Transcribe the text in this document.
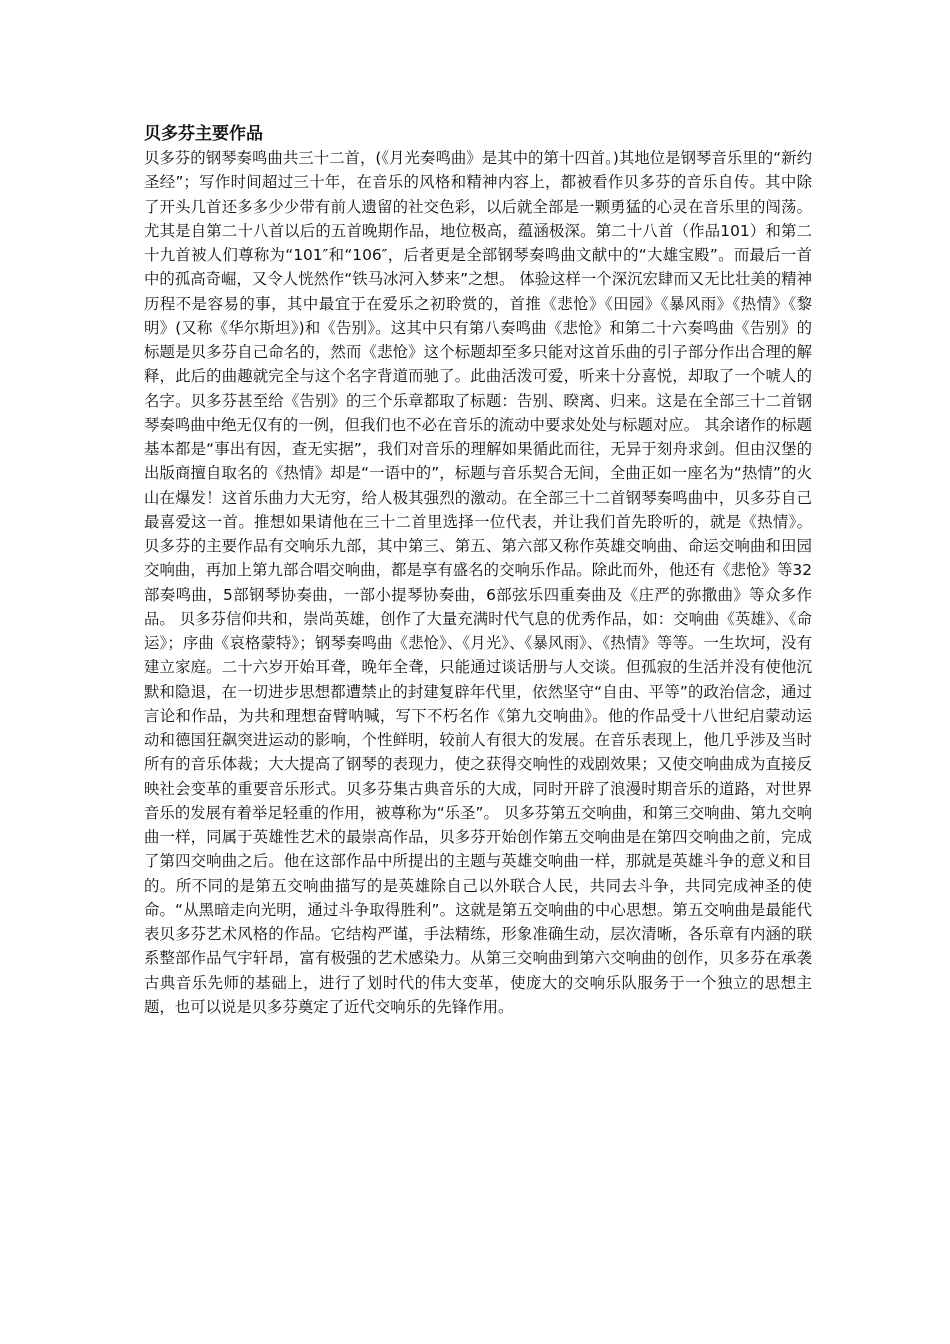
贝多芬主要作品

贝多芬的钢琴奏鸣曲共三十二首，(《月光奏鸣曲》是其中的第十四首。)其地位是钢琴音乐里的“新约圣经”；写作时间超过三十年，在音乐的风格和精神内容上，都被看作贝多芬的音乐自传。其中除了开头几首还多多少少带有前人遗留的社交色彩，以后就全部是一颗勇猛的心灵在音乐里的闯荡。尤其是自第二十八首以后的五首晚期作品，地位极高，蕴涵极深。第二十八首（作品101）和第二十九首被人们尊称为“101″和“106″，后者更是全部钢琴奏鸣曲文献中的“大雄宝殿”。而最后一首中的孤高奇崛，又令人恍然作“铁马冰河入梦来”之想。 体验这样一个深沉宏肆而又无比壮美的精神历程不是容易的事，其中最宜于在爱乐之初聆赏的，首推《悲怆》《田园》《暴风雨》《热情》《黎明》(又称《华尔斯坦》)和《告别》。这其中只有第八奏鸣曲《悲怆》和第二十六奏鸣曲《告别》的标题是贝多芬自己命名的，然而《悲怆》这个标题却至多只能对这首乐曲的引子部分作出合理的解释，此后的曲趣就完全与这个名字背道而驰了。此曲活泼可爱，听来十分喜悦，却取了一个唬人的名字。贝多芬甚至给《告别》的三个乐章都取了标题：告别、睽离、归来。这是在全部三十二首钢琴奏鸣曲中绝无仅有的一例，但我们也不必在音乐的流动中要求处处与标题对应。 其余诸作的标题基本都是“事出有因，查无实据”，我们对音乐的理解如果循此而往，无异于刻舟求剑。但由汉堡的出版商擅自取名的《热情》却是“一语中的”，标题与音乐契合无间，全曲正如一座名为“热情”的火山在爆发！这首乐曲力大无穷，给人极其强烈的激动。在全部三十二首钢琴奏鸣曲中，贝多芬自己最喜爱这一首。推想如果请他在三十二首里选择一位代表，并让我们首先聆听的，就是《热情》。 贝多芬的主要作品有交响乐九部，其中第三、第五、第六部又称作英雄交响曲、命运交响曲和田园交响曲，再加上第九部合唱交响曲，都是享有盛名的交响乐作品。除此而外，他还有《悲怆》等32部奏鸣曲，5部钢琴协奏曲，一部小提琴协奏曲，6部弦乐四重奏曲及《庄严的弥撒曲》等众多作品。 贝多芬信仰共和，崇尚英雄，创作了大量充满时代气息的优秀作品，如：交响曲《英雄》、《命运》；序曲《哀格蒙特》；钢琴奏鸣曲《悲怆》、《月光》、《暴风雨》、《热情》等等。一生坎坷，没有建立家庭。二十六岁开始耳聋，晚年全聋，只能通过谈话册与人交谈。但孤寂的生活并没有使他沉默和隐退，在一切进步思想都遭禁止的封建复辟年代里，依然坚守“自由、平等”的政治信念，通过言论和作品，为共和理想奋臂呐喊，写下不朽名作《第九交响曲》。他的作品受十八世纪启蒙动运动和德国狂飙突进运动的影响，个性鲜明，较前人有很大的发展。在音乐表现上，他几乎涉及当时所有的音乐体裁；大大提高了钢琴的表现力，使之获得交响性的戏剧效果；又使交响曲成为直接反映社会变革的重要音乐形式。贝多芬集古典音乐的大成，同时开辟了浪漫时期音乐的道路，对世界音乐的发展有着举足轻重的作用，被尊称为“乐圣”。 贝多芬第五交响曲，和第三交响曲、第九交响曲一样，同属于英雄性艺术的最崇高作品，贝多芬开始创作第五交响曲是在第四交响曲之前，完成了第四交响曲之后。他在这部作品中所提出的主题与英雄交响曲一样，那就是英雄斗争的意义和目的。所不同的是第五交响曲描写的是英雄除自己以外联合人民，共同去斗争，共同完成神圣的使命。“从黑暗走向光明，通过斗争取得胜利”。这就是第五交响曲的中心思想。第五交响曲是最能代表贝多芬艺术风格的作品。它结构严谨，手法精练，形象准确生动，层次清晰，各乐章有内涵的联系整部作品气宇轩昂，富有极强的艺术感染力。从第三交响曲到第六交响曲的创作，贝多芬在承袭古典音乐先师的基础上，进行了划时代的伟大变革，使庞大的交响乐队服务于一个独立的思想主题，也可以说是贝多芬奠定了近代交响乐的先锋作用。
